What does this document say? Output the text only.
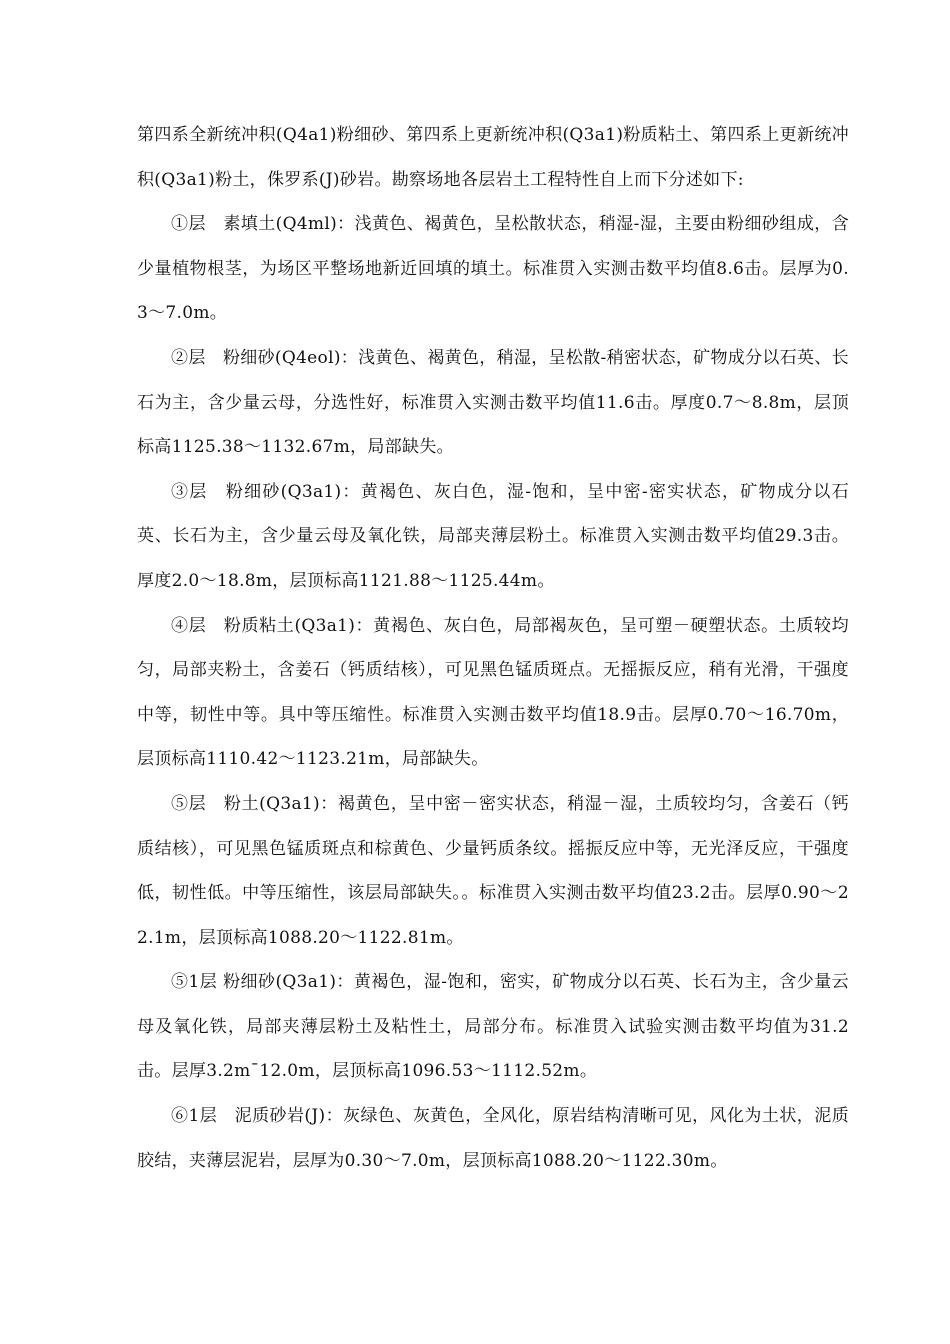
第四系全新统冲积(Q4a1)粉细砂、第四系上更新统冲积(Q3a1)粉质粘土、第四系上更新统冲积(Q3a1)粉土，侏罗系(J)砂岩。勘察场地各层岩土工程特性自上而下分述如下:

①层　素填土(Q4ml)：浅黄色、褐黄色，呈松散状态，稍湿-湿，主要由粉细砂组成，含少量植物根茎，为场区平整场地新近回填的填土。标准贯入实测击数平均值8.6击。层厚为0.3～7.0m。

②层　粉细砂(Q4eol)：浅黄色、褐黄色，稍湿，呈松散-稍密状态，矿物成分以石英、长石为主，含少量云母，分选性好，标准贯入实测击数平均值11.6击。厚度0.7～8.8m，层顶标高1125.38～1132.67m，局部缺失。

③层　粉细砂(Q3a1)：黄褐色、灰白色，湿-饱和，呈中密-密实状态，矿物成分以石英、长石为主，含少量云母及氧化铁，局部夹薄层粉土。标准贯入实测击数平均值29.3击。厚度2.0～18.8m，层顶标高1121.88～1125.44m。

④层　粉质粘土(Q3a1)：黄褐色、灰白色，局部褐灰色，呈可塑－硬塑状态。土质较均匀，局部夹粉土，含姜石（钙质结核），可见黑色锰质斑点。无摇振反应，稍有光滑，干强度中等，韧性中等。具中等压缩性。标准贯入实测击数平均值18.9击。层厚0.70～16.70m，层顶标高1110.42～1123.21m，局部缺失。

⑤层　粉土(Q3a1)：褐黄色，呈中密－密实状态，稍湿－湿，土质较均匀，含姜石（钙质结核），可见黑色锰质斑点和棕黄色、少量钙质条纹。摇振反应中等，无光泽反应，干强度低，韧性低。中等压缩性，该层局部缺失。。标准贯入实测击数平均值23.2击。层厚0.90～22.1m，层顶标高1088.20～1122.81m。

⑤1层 粉细砂(Q3a1)：黄褐色，湿-饱和，密实，矿物成分以石英、长石为主，含少量云母及氧化铁，局部夹薄层粉土及粘性土，局部分布。标准贯入试验实测击数平均值为31.2击。层厚3.2m¯12.0m，层顶标高1096.53～1112.52m。

⑥1层　泥质砂岩(J)：灰绿色、灰黄色，全风化，原岩结构清晰可见，风化为土状，泥质胶结，夹薄层泥岩，层厚为0.30～7.0m，层顶标高1088.20～1122.30m。
